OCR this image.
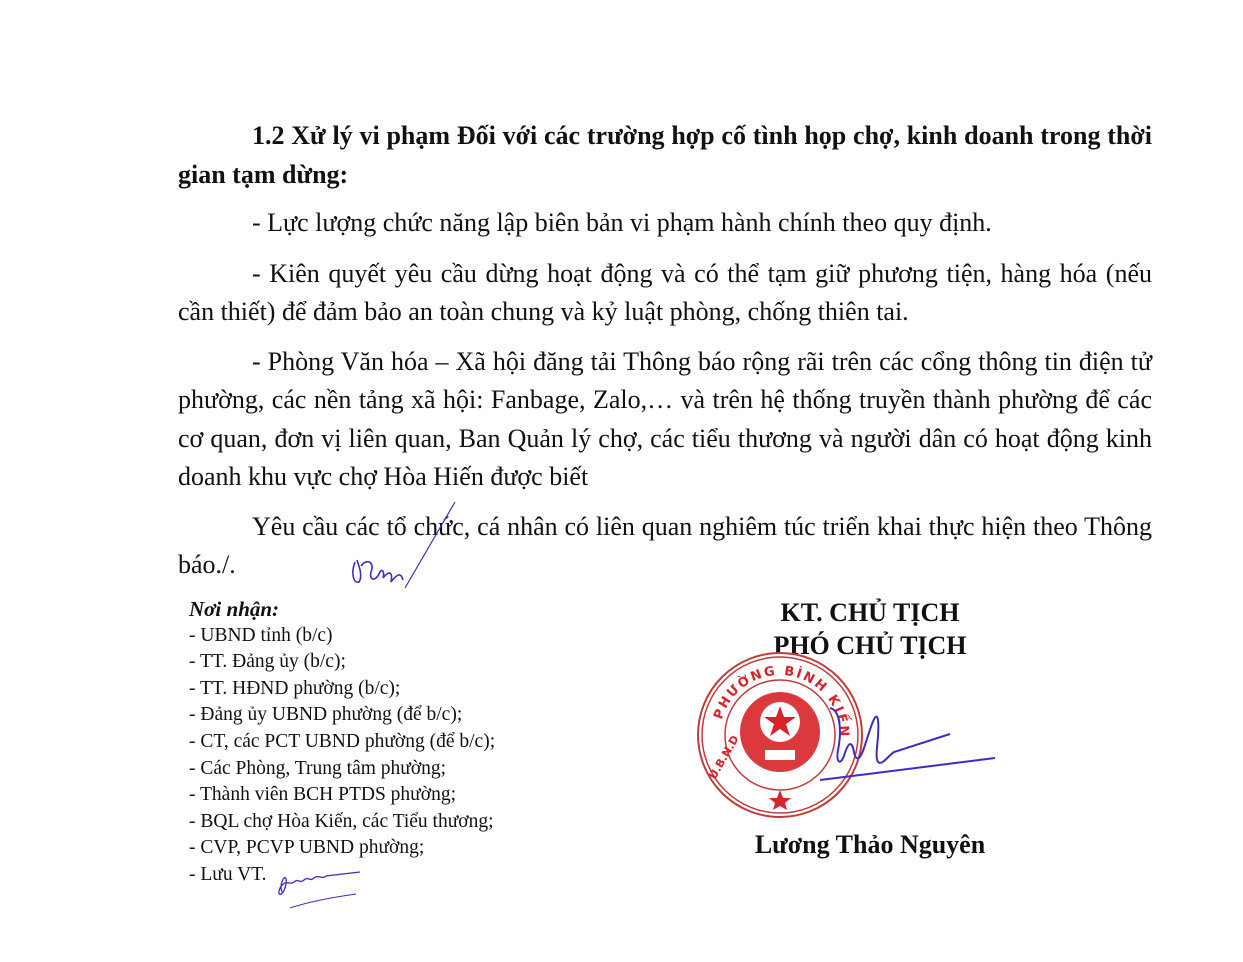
1.2 Xử lý vi phạm Đối với các trường hợp cố tình họp chợ, kinh doanh trong thời gian tạm dừng:

- Lực lượng chức năng lập biên bản vi phạm hành chính theo quy định.

- Kiên quyết yêu cầu dừng hoạt động và có thể tạm giữ phương tiện, hàng hóa (nếu cần thiết) để đảm bảo an toàn chung và kỷ luật phòng, chống thiên tai.

- Phòng Văn hóa – Xã hội đăng tải Thông báo rộng rãi trên các cổng thông tin điện tử phường, các nền tảng xã hội: Fanbage, Zalo,… và trên hệ thống truyền thành phường để các cơ quan, đơn vị liên quan, Ban Quản lý chợ, các tiểu thương và người dân có hoạt động kinh doanh khu vực chợ Hòa Hiến được biết

Yêu cầu các tổ chức, cá nhân có liên quan nghiêm túc triển khai thực hiện theo Thông báo./.

Nơi nhận:
- UBND tỉnh (b/c)
- TT. Đảng ủy (b/c);
- TT. HĐND phường (b/c);
- Đảng ủy UBND phường (để b/c);
- CT, các PCT UBND phường (để b/c);
- Các Phòng, Trung tâm phường;
- Thành viên BCH PTDS phường;
- BQL chợ Hòa Kiến, các Tiểu thương;
- CVP, PCVP UBND phường;
- Lưu VT.
KT. CHỦ TỊCH
PHÓ CHỦ TỊCH
PHƯỜNG BÌNH KIẾN
U.B.N.D
Lương Thảo Nguyên
